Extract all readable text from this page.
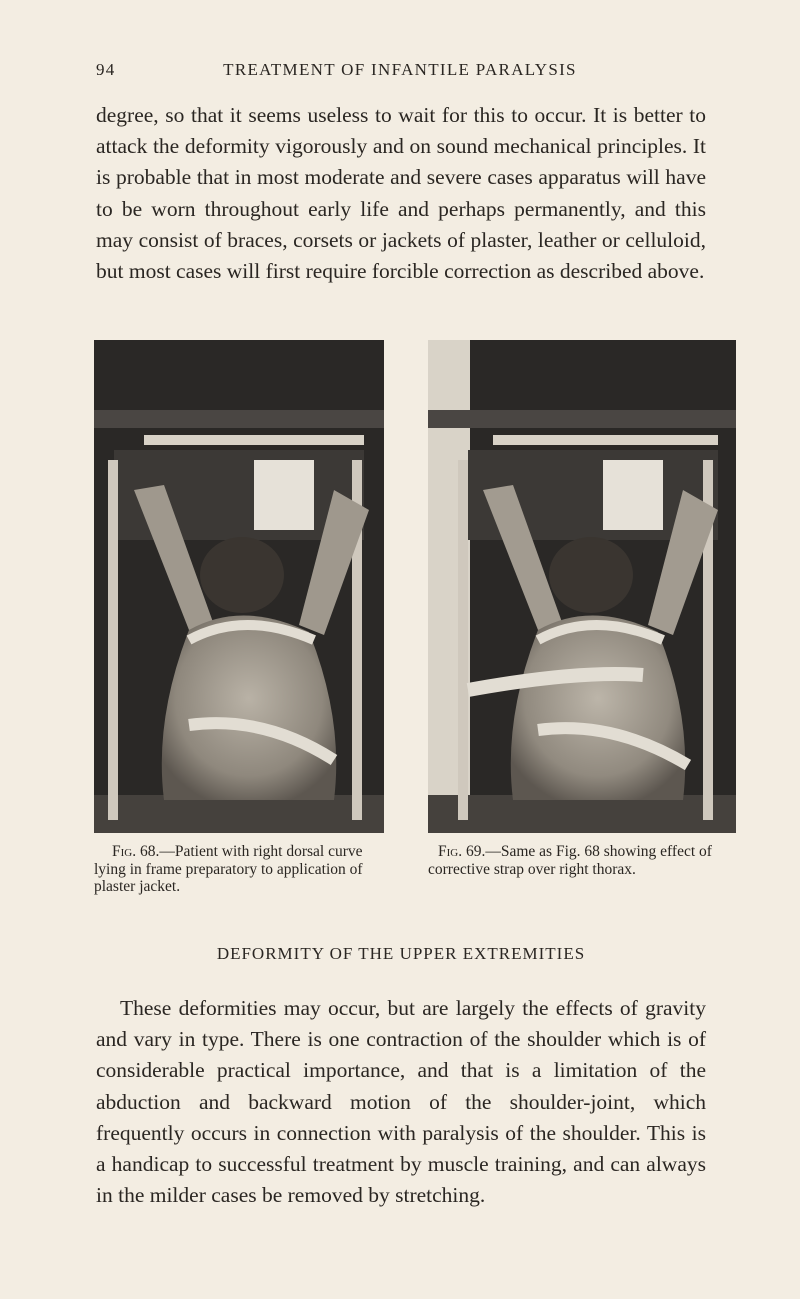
94	TREATMENT OF INFANTILE PARALYSIS

degree, so that it seems useless to wait for this to occur. It is better to attack the deformity vigorously and on sound mechanical principles. It is probable that in most moderate and severe cases apparatus will have to be worn throughout early life and perhaps permanently, and this may consist of braces, corsets or jackets of plaster, leather or celluloid, but most cases will first require forcible correction as described above.

Fig. 68.—Patient with right dorsal curve lying in frame preparatory to application of plaster jacket.

Fig. 69.—Same as Fig. 68 showing effect of corrective strap over right thorax.

DEFORMITY OF THE UPPER EXTREMITIES

These deformities may occur, but are largely the effects of gravity and vary in type. There is one contraction of the shoulder which is of considerable practical importance, and that is a limitation of the abduction and backward motion of the shoulder-joint, which frequently occurs in connection with paralysis of the shoulder. This is a handicap to successful treatment by muscle training, and can always in the milder cases be removed by stretching.
